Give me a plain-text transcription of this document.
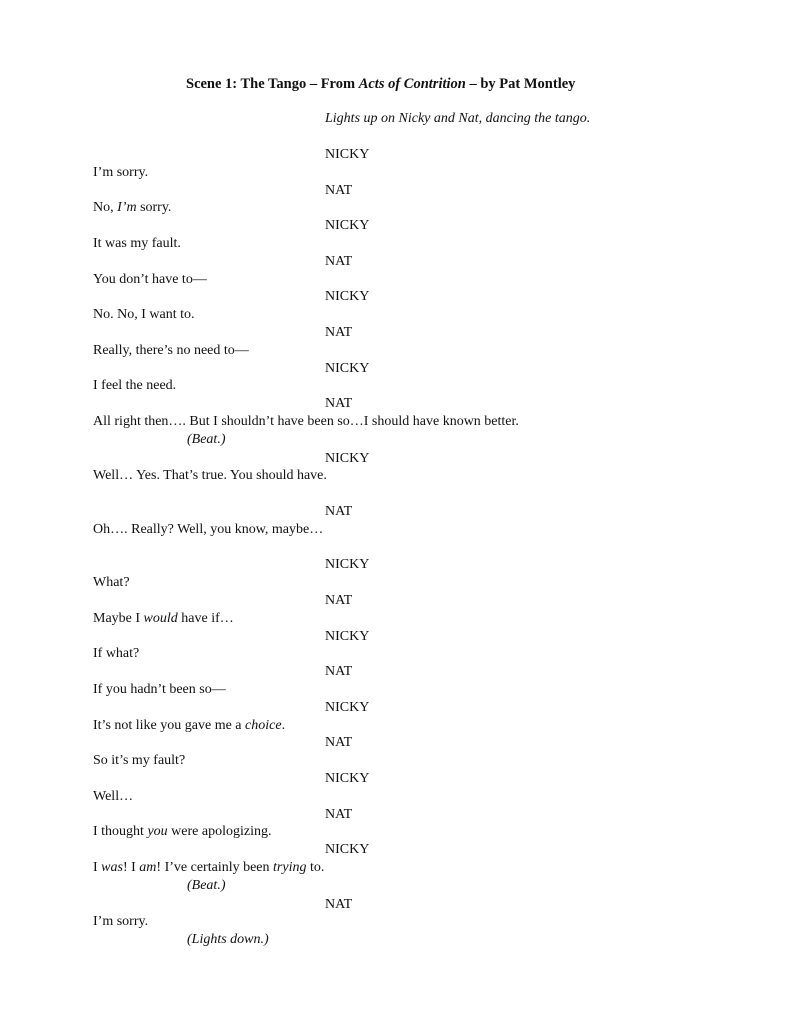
Scene 1: The Tango – From Acts of Contrition – by Pat Montley
Lights up on Nicky and Nat, dancing the tango.
NICKY
I’m sorry.
NAT
No, I’m sorry.
NICKY
It was my fault.
NAT
You don’t have to—
NICKY
No. No, I want to.
NAT
Really, there’s no need to—
NICKY
I feel the need.
NAT
All right then…. But I shouldn’t have been so…I should have known better.
(Beat.)
NICKY
Well… Yes. That’s true. You should have.
NAT
Oh…. Really? Well, you know, maybe…
NICKY
What?
NAT
Maybe I would have if…
NICKY
If what?
NAT
If you hadn’t been so—
NICKY
It’s not like you gave me a choice.
NAT
So it’s my fault?
NICKY
Well…
NAT
I thought you were apologizing.
NICKY
I was! I am! I’ve certainly been trying to.
(Beat.)
NAT
I’m sorry.
(Lights down.)
